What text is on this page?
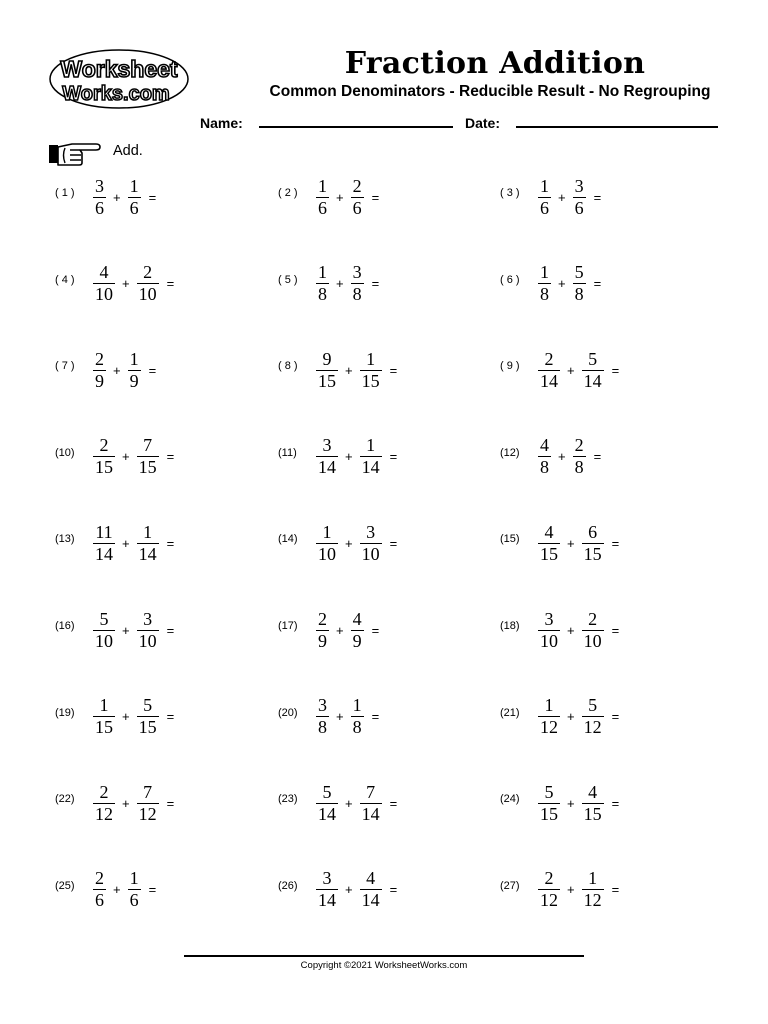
Worksheet
Works.com
Fraction Addition
Common Denominators - Reducible Result - No Regrouping
Name:	Date:
Add.
( 1 )	$\frac{3}{6} + \frac{1}{6}$ =	( 2 )	$\frac{1}{6} + \frac{2}{6}$ =	( 3 )	$\frac{1}{6} + \frac{3}{6}$ =
( 4 )	$\frac{4}{10} + \frac{2}{10}$ =	( 5 )	$\frac{1}{8} + \frac{3}{8}$ =	( 6 )	$\frac{1}{8} + \frac{5}{8}$ =
( 7 )	$\frac{2}{9} + \frac{1}{9}$ =	( 8 )	$\frac{9}{15} + \frac{1}{15}$ =	( 9 )	$\frac{2}{14} + \frac{5}{14}$ =
(10)	$\frac{2}{15} + \frac{7}{15}$ =	(11)	$\frac{3}{14} + \frac{1}{14}$ =	(12)	$\frac{4}{8} + \frac{2}{8}$ =
(13)	$\frac{11}{14} + \frac{1}{14}$ =	(14)	$\frac{1}{10} + \frac{3}{10}$ =	(15)	$\frac{4}{15} + \frac{6}{15}$ =
(16)	$\frac{5}{10} + \frac{3}{10}$ =	(17)	$\frac{2}{9} + \frac{4}{9}$ =	(18)	$\frac{3}{10} + \frac{2}{10}$ =
(19)	$\frac{1}{15} + \frac{5}{15}$ =	(20)	$\frac{3}{8} + \frac{1}{8}$ =	(21)	$\frac{1}{12} + \frac{5}{12}$ =
(22)	$\frac{2}{12} + \frac{7}{12}$ =	(23)	$\frac{5}{14} + \frac{7}{14}$ =	(24)	$\frac{5}{15} + \frac{4}{15}$ =
(25)	$\frac{2}{6} + \frac{1}{6}$ =	(26)	$\frac{3}{14} + \frac{4}{14}$ =	(27)	$\frac{2}{12} + \frac{1}{12}$ =
Copyright ©2021 WorksheetWorks.com
